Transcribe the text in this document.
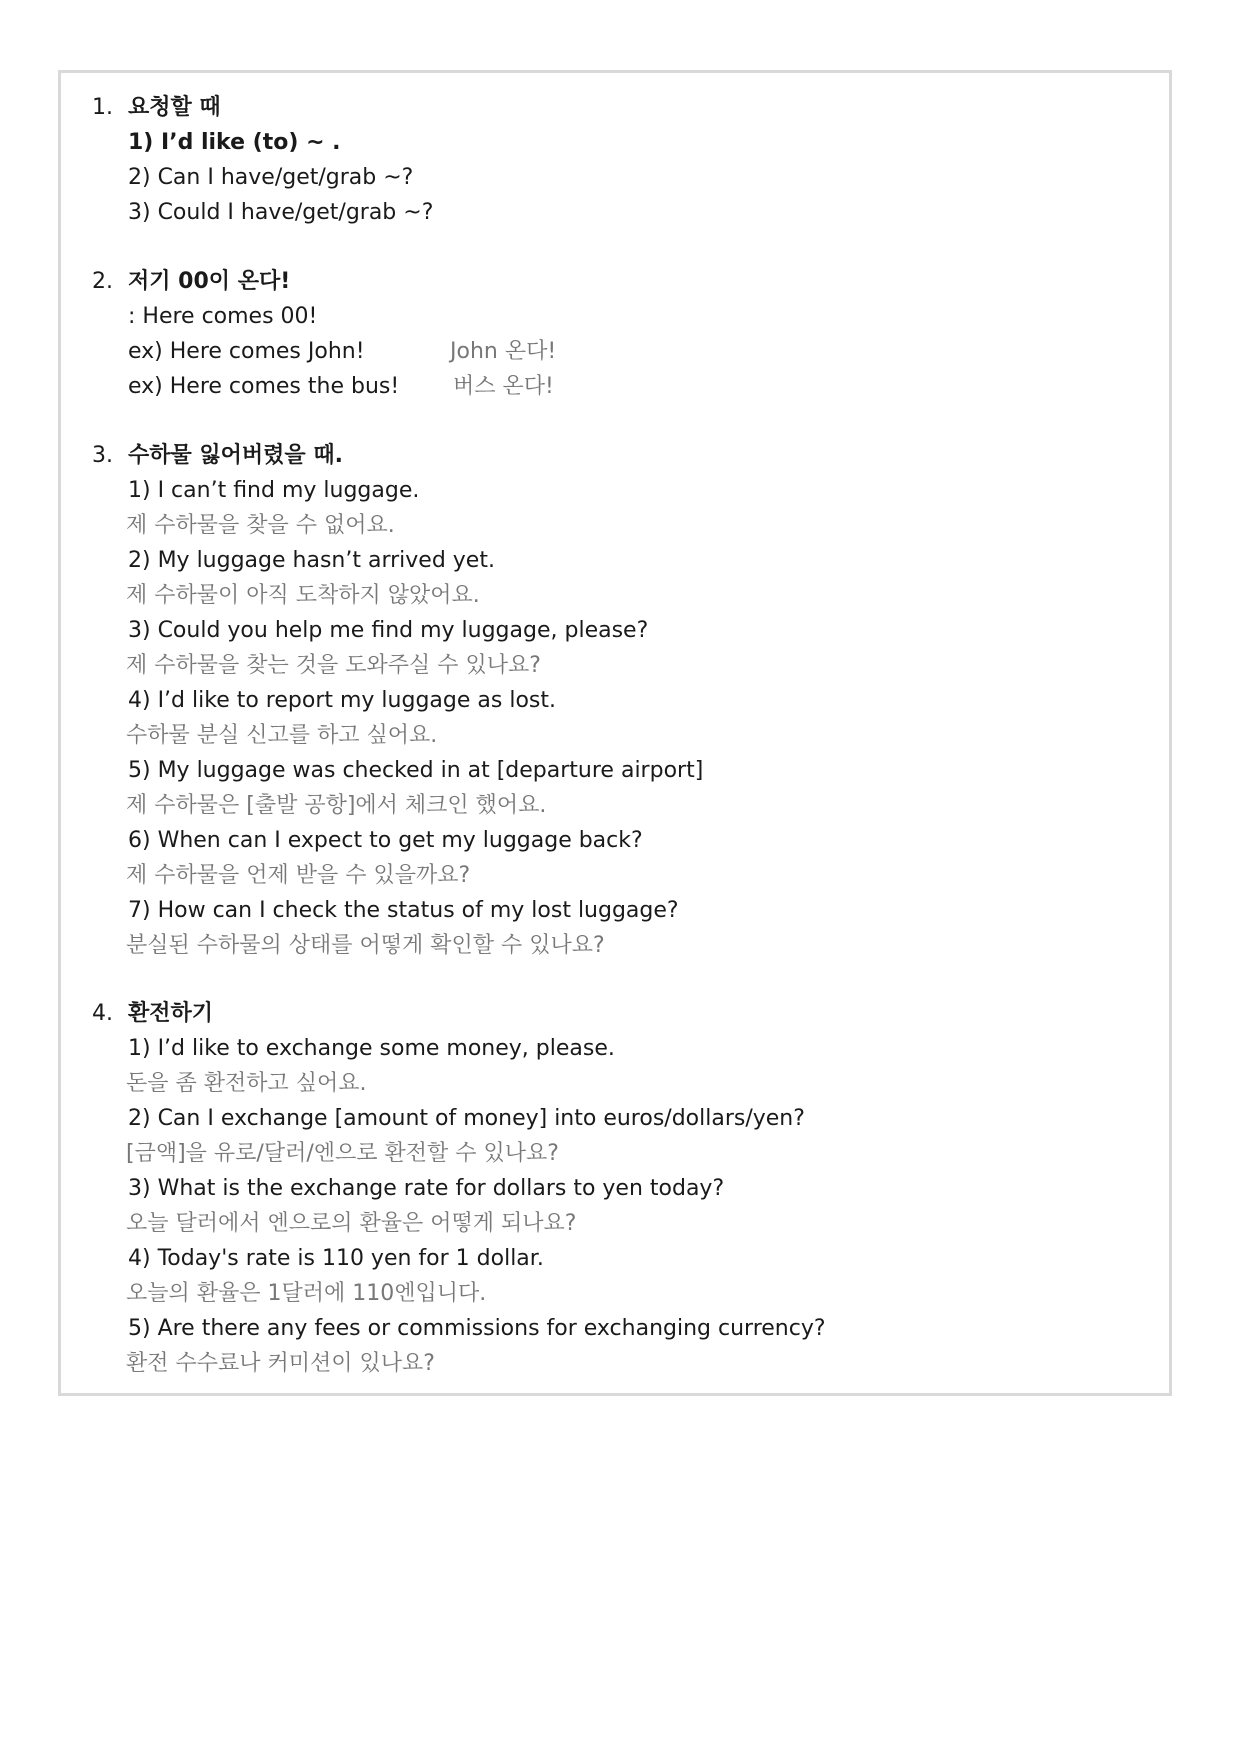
1. 요청할 때
1) I’d like (to) ~ .
2) Can I have/get/grab ~?
3) Could I have/get/grab ~?
2. 저기 00이 온다!
: Here comes 00!
ex) Here comes John!	John 온다!
ex) Here comes the bus! 버스 온다!
3. 수하물 잃어버렸을 때.
1) I can’t find my luggage.
제 수하물을 찾을 수 없어요.
2) My luggage hasn’t arrived yet.
제 수하물이 아직 도착하지 않았어요.
3) Could you help me find my luggage, please?
제 수하물을 찾는 것을 도와주실 수 있나요?
4) I’d like to report my luggage as lost.
수하물 분실 신고를 하고 싶어요.
5) My luggage was checked in at [departure airport]
제 수하물은 [출발 공항]에서 체크인 했어요.
6) When can I expect to get my luggage back?
제 수하물을 언제 받을 수 있을까요?
7) How can I check the status of my lost luggage?
분실된 수하물의 상태를 어떻게 확인할 수 있나요?
4. 환전하기
1) I’d like to exchange some money, please.
돈을 좀 환전하고 싶어요.
2) Can I exchange [amount of money] into euros/dollars/yen?
[금액]을 유로/달러/엔으로 환전할 수 있나요?
3) What is the exchange rate for dollars to yen today?
오늘 달러에서 엔으로의 환율은 어떻게 되나요?
4) Today's rate is 110 yen for 1 dollar.
오늘의 환율은 1달러에 110엔입니다.
5) Are there any fees or commissions for exchanging currency?
환전 수수료나 커미션이 있나요?
